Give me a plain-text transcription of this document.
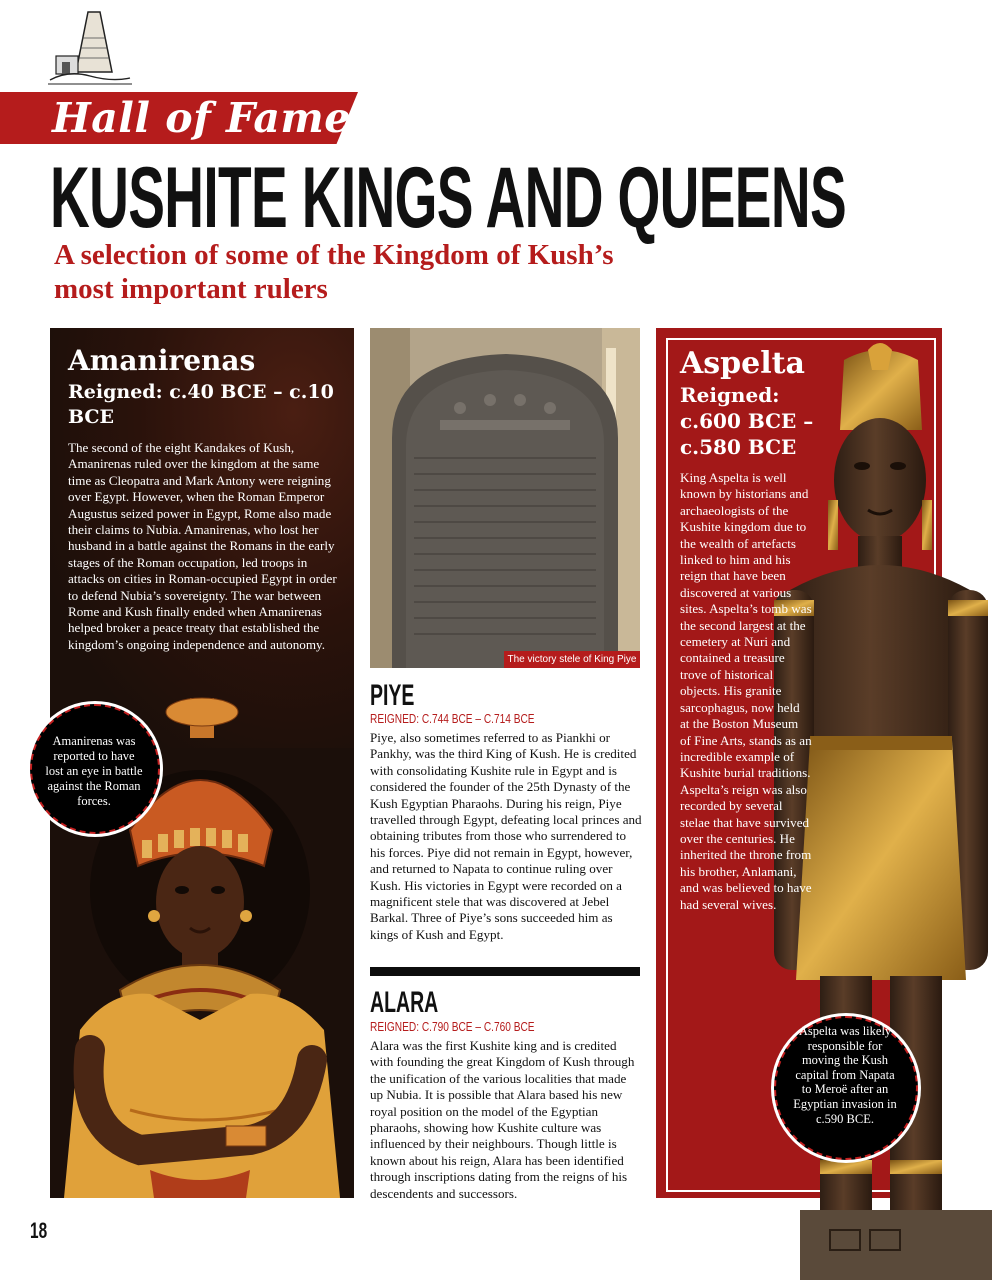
Hall of Fame
KUSHITE KINGS AND QUEENS
A selection of some of the Kingdom of Kush’s most important rulers
Amanirenas
Reigned: c.40 BCE – c.10 BCE
The second of the eight Kandakes of Kush, Amanirenas ruled over the kingdom at the same time as Cleopatra and Mark Antony were reigning over Egypt. However, when the Roman Emperor Augustus seized power in Egypt, Rome also made their claims to Nubia. Amanirenas, who lost her husband in a battle against the Romans in the early stages of the Roman occupation, led troops in attacks on cities in Roman-occupied Egypt in order to defend Nubia’s sovereignty. The war between Rome and Kush finally ended when Amanirenas helped broker a peace treaty that established the kingdom’s ongoing independence and autonomy.
Amanirenas was reported to have lost an eye in battle against the Roman forces.
18
The victory stele of King Piye
PIYE
REIGNED: C.744 BCE – C.714 BCE
Piye, also sometimes referred to as Piankhi or Pankhy, was the third King of Kush. He is credited with consolidating Kushite rule in Egypt and is considered the founder of the 25th Dynasty of the Kush Egyptian Pharaohs. During his reign, Piye travelled through Egypt, defeating local princes and obtaining tributes from those who surrendered to his forces. Piye did not remain in Egypt, however, and returned to Napata to continue ruling over Kush. His victories in Egypt were recorded on a magnificent stele that was discovered at Jebel Barkal. Three of Piye’s sons succeeded him as kings of Kush and Egypt.
ALARA
REIGNED: C.790 BCE – C.760 BCE
Alara was the first Kushite king and is credited with founding the great Kingdom of Kush through the unification of the various localities that made up Nubia. It is possible that Alara based his new royal position on the model of the Egyptian pharaohs, showing how Kushite culture was influenced by their neighbours. Though little is known about his reign, Alara has been identified through inscriptions dating from the reigns of his descendents and successors.
Aspelta
Reigned: c.600 BCE – c.580 BCE
King Aspelta is well known by historians and archaeologists of the Kushite kingdom due to the wealth of artefacts linked to him and his reign that have been discovered at various sites. Aspelta’s tomb was the second largest at the cemetery at Nuri and contained a treasure trove of historical objects. His granite sarcophagus, now held at the Boston Museum of Fine Arts, stands as an incredible example of Kushite burial traditions. Aspelta’s reign was also recorded by several stelae that have survived over the centuries. He inherited the throne from his brother, Anlamani, and was believed to have had several wives.
Aspelta was likely responsible for moving the Kush capital from Napata to Meroë after an Egyptian invasion in c.590 BCE.
